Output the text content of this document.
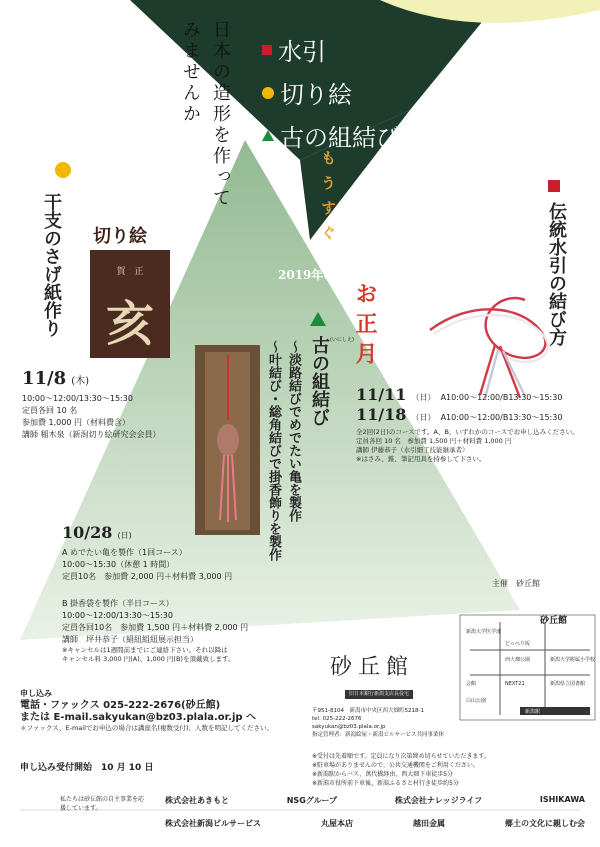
日本の造形を作ってみませんか	水引
切り絵
古の組結び
もうすぐ
2019年の
お正月
干支のさげ紙作り 切り絵
賀　正
亥
11/8 (木)
10:00～12:00/13:30～15:30
定員各回 10 名
参加費 1,000 円（材料費含）
講師 稲木泉（新潟切り絵研究会会員）
伝統水引の結び方
11/11 （日） A10:00～12:00/B13:30～15:30
11/18 （日） A10:00～12:00/B13:30～15:30
全2回(2日)のコースです。A、B、いずれかのコースでお申し込みください。
定員各回 10 名　参加費 1,500 円＋材料費 1,000 円
講師 伊藤恭子（水引細工技能継承者）
※はさみ、錐、筆記用具を持参して下さい。
(いにしえ)
古の組結び
～淡路結びでめでたい亀を製作
～叶結び・総角結びで掛香飾りを製作
10/28 (日)
A めでたい亀を製作（1回コース）
10:00～15:30（休憩 1 時間）
定員10名　参加費 2,000 円＋材料費 3,000 円
主催　砂丘館
B 掛香袋を製作（半日コース）
10:00～12:00/13:30～15:30
定員各回10名　参加費 1,500 円＋材料費 2,000 円
講師　坪井恭子（絹紐組紐展示担当）
※キャンセルは1週間前までにご連絡下さい。それ以降は
キャンセル料 3,000 円(A)、1,000 円(B)を頂戴致します。	砂丘館
旧日本銀行新潟支店長役宅
〒951-8104　新潟市中央区西大畑町5218-1
tel. 025-222-2676
sakyukan@bz03.plala.or.jp
指定管理者：新潟絵屋・新潟ビルサービス共同事業体
砂丘館
新潟大学医学部
どっぺり坂
西大畑公園	新潟大学附属小学校
会館	NEXT21	新潟県立図書館
白山公園
新潟駅
申し込み
電話・ファックス 025-222-2676(砂丘館)
または E-mail.sakyukan@bz03.plala.or.jp へ
＊ファックス、E-mailでお申込の場合は講座名(複数受付)、人数を明記してください。
申し込み受付開始　10 月 10 日
※受付は先着順です。定員になり次第締め切らせていただきます。
※駐車場がありませんので、公共交通機関をご利用ください。
※新潟駅からバス、萬代橋経由、西大畑下車徒歩5分
※新潟市役所前下車後、新潟ふるさと村行き徒歩約5分
私たちは砂丘館の自主事業を応援しています。
株式会社あきもと	NSGグループ	株式会社ナレッジライフ	ISHIKAWA
株式会社新潟ビルサービス	丸屋本店	越田金属	郷土の文化に親しむ会
